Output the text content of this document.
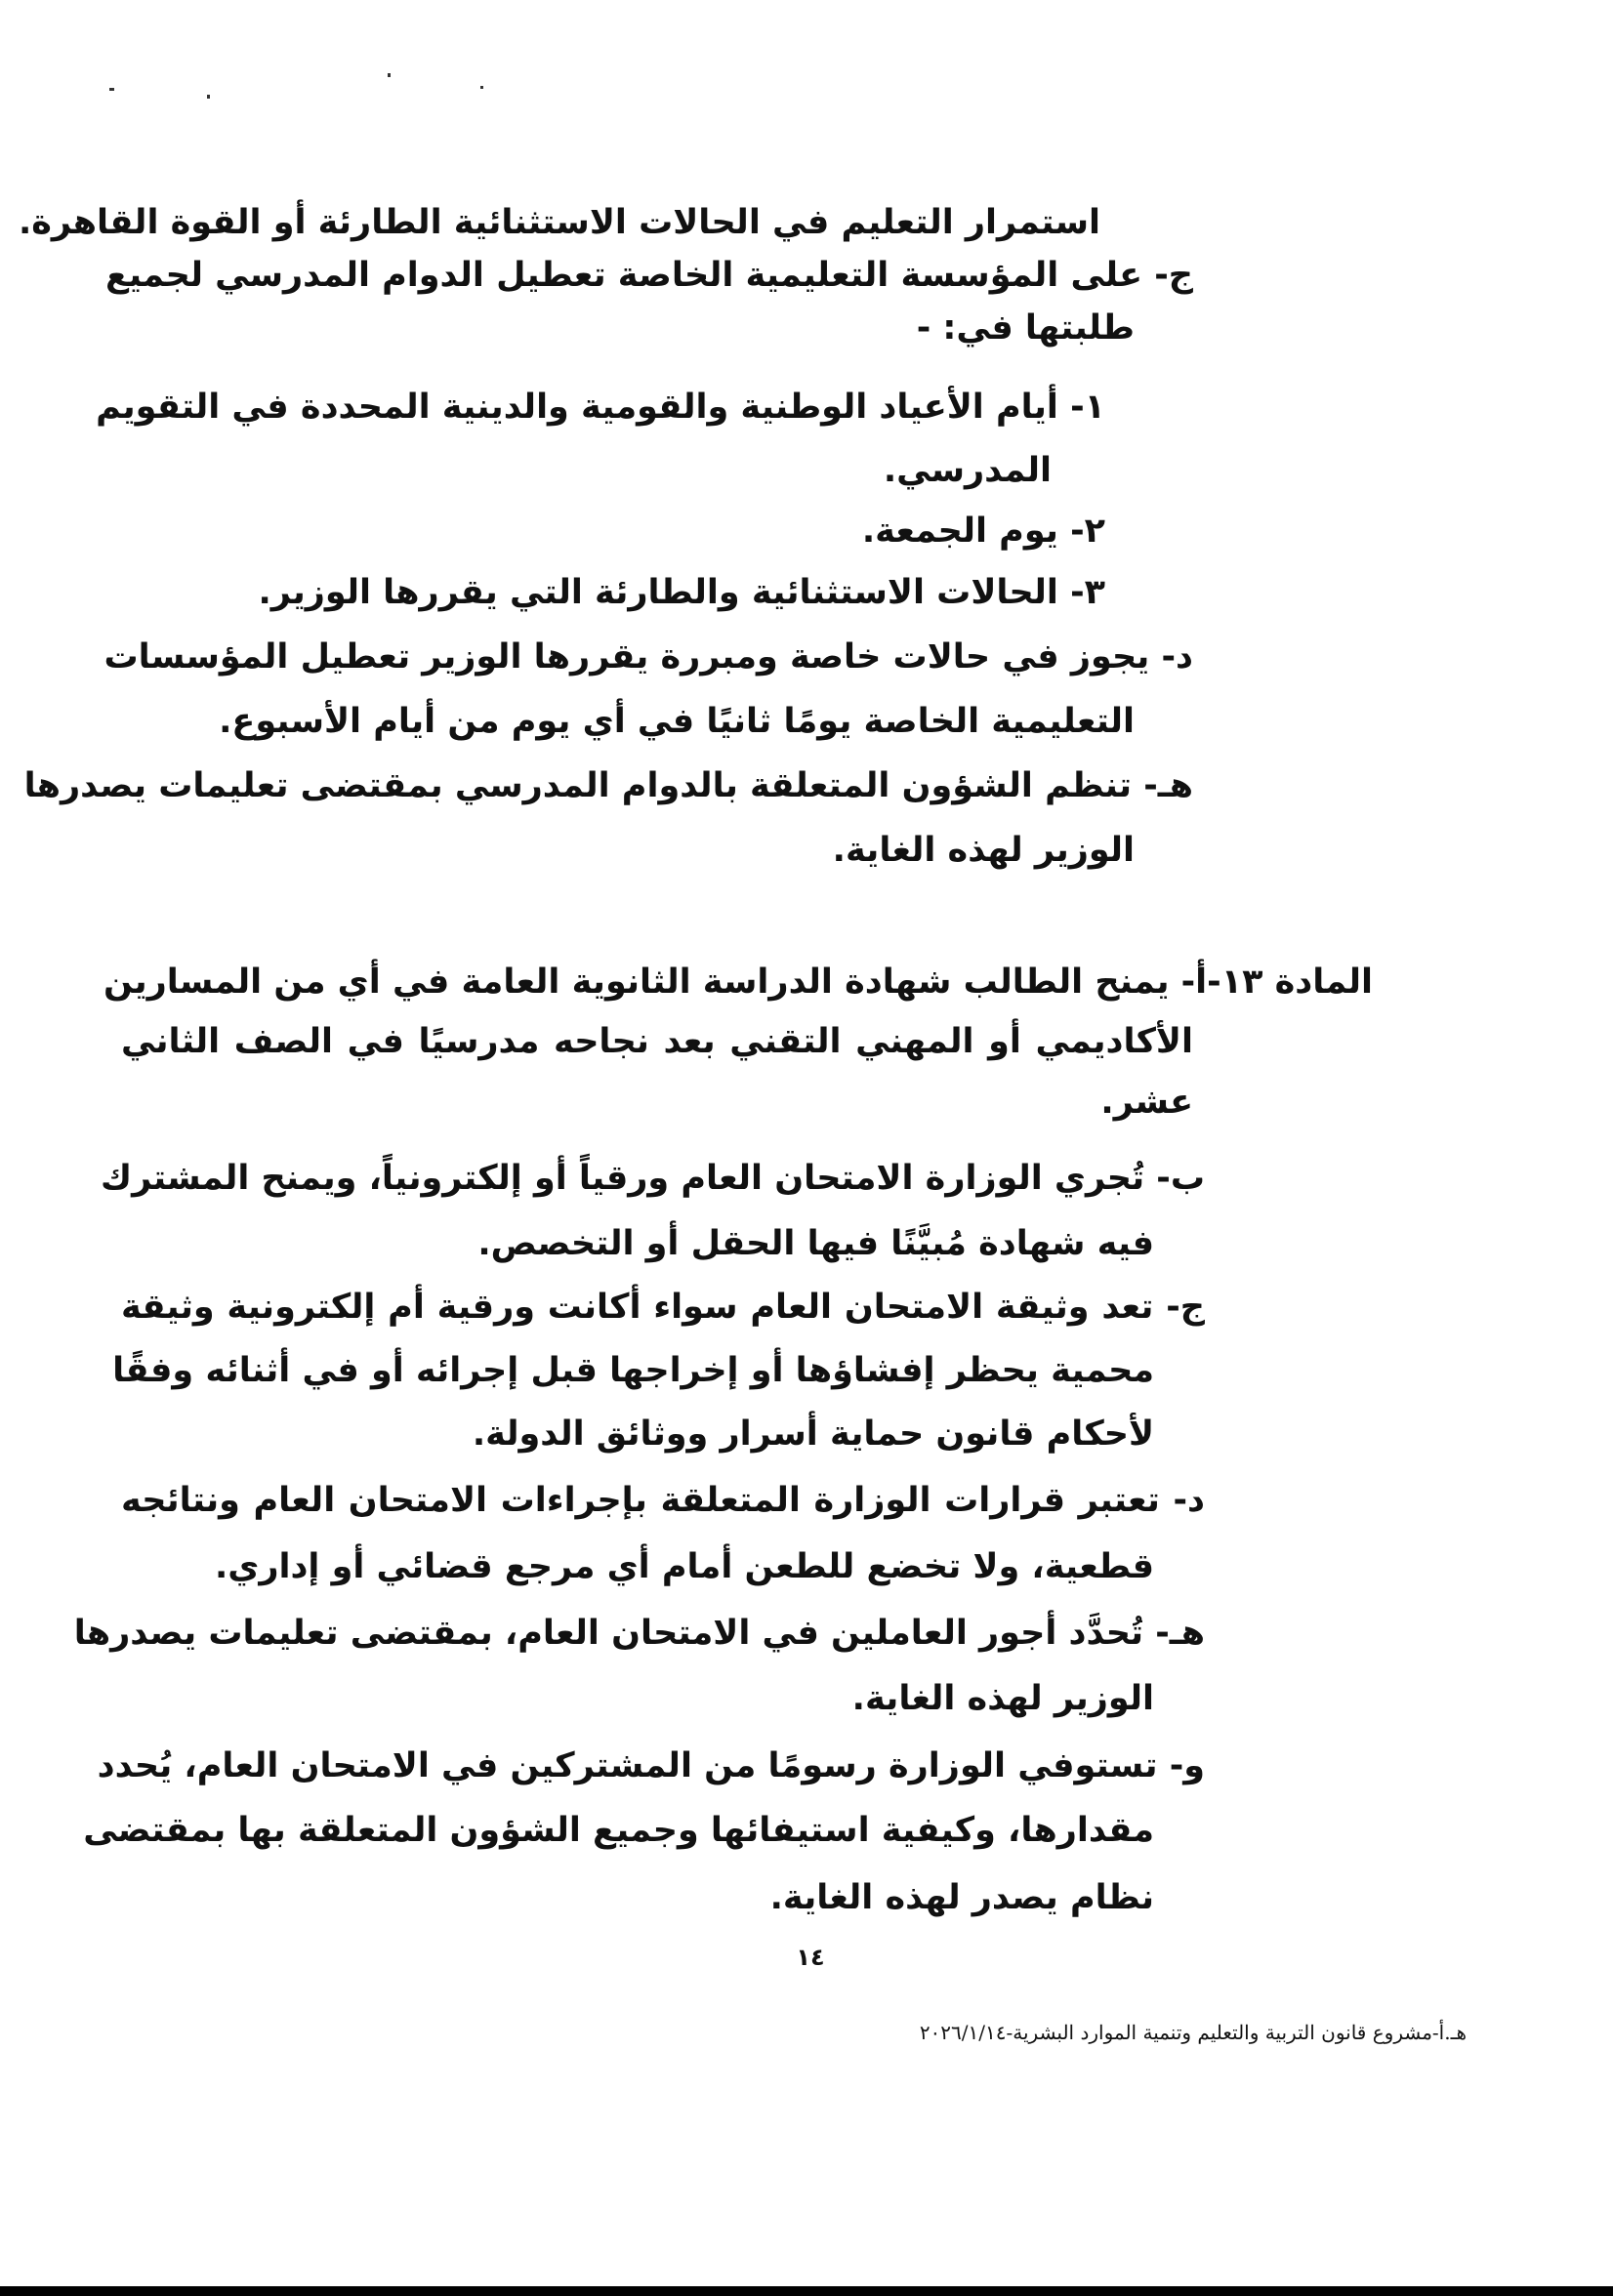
استمرار التعليم في الحالات الاستثنائية الطارئة أو القوة القاهرة.
ج- على المؤسسة التعليمية الخاصة تعطيل الدوام المدرسي لجميع
طلبتها في: -
١- أيام الأعياد الوطنية والقومية والدينية المحددة في التقويم
المدرسي.
٢- يوم الجمعة.
٣- الحالات الاستثنائية والطارئة التي يقررها الوزير.
د- يجوز في حالات خاصة ومبررة يقررها الوزير تعطيل المؤسسات
التعليمية الخاصة يومًا ثانيًا في أي يوم من أيام الأسبوع.
هـ- تنظم الشؤون المتعلقة بالدوام المدرسي بمقتضى تعليمات يصدرها
الوزير لهذه الغاية.
المادة ١٣-أ- يمنح الطالب شهادة الدراسة الثانوية العامة في أي من المسارين
الأكاديمي أو المهني التقني بعد نجاحه مدرسيًا في الصف الثاني
عشر.
ب- تُجري الوزارة الامتحان العام ورقياً أو إلكترونياً، ويمنح المشترك
فيه شهادة مُبيَّنًا فيها الحقل أو التخصص.
ج- تعد وثيقة الامتحان العام سواء أكانت ورقية أم إلكترونية وثيقة
محمية يحظر إفشاؤها أو إخراجها قبل إجرائه أو في أثنائه وفقًا
لأحكام قانون حماية أسرار ووثائق الدولة.
د- تعتبر قرارات الوزارة المتعلقة بإجراءات الامتحان العام ونتائجه
قطعية، ولا تخضع للطعن أمام أي مرجع قضائي أو إداري.
هـ- تُحدَّد أجور العاملين في الامتحان العام، بمقتضى تعليمات يصدرها
الوزير لهذه الغاية.
و- تستوفي الوزارة رسومًا من المشتركين في الامتحان العام، يُحدد
مقدارها، وكيفية استيفائها وجميع الشؤون المتعلقة بها بمقتضى
نظام يصدر لهذه الغاية.
١٤
هـ.أ-مشروع قانون التربية والتعليم وتنمية الموارد البشرية-٢٠٢٦/١/١٤
